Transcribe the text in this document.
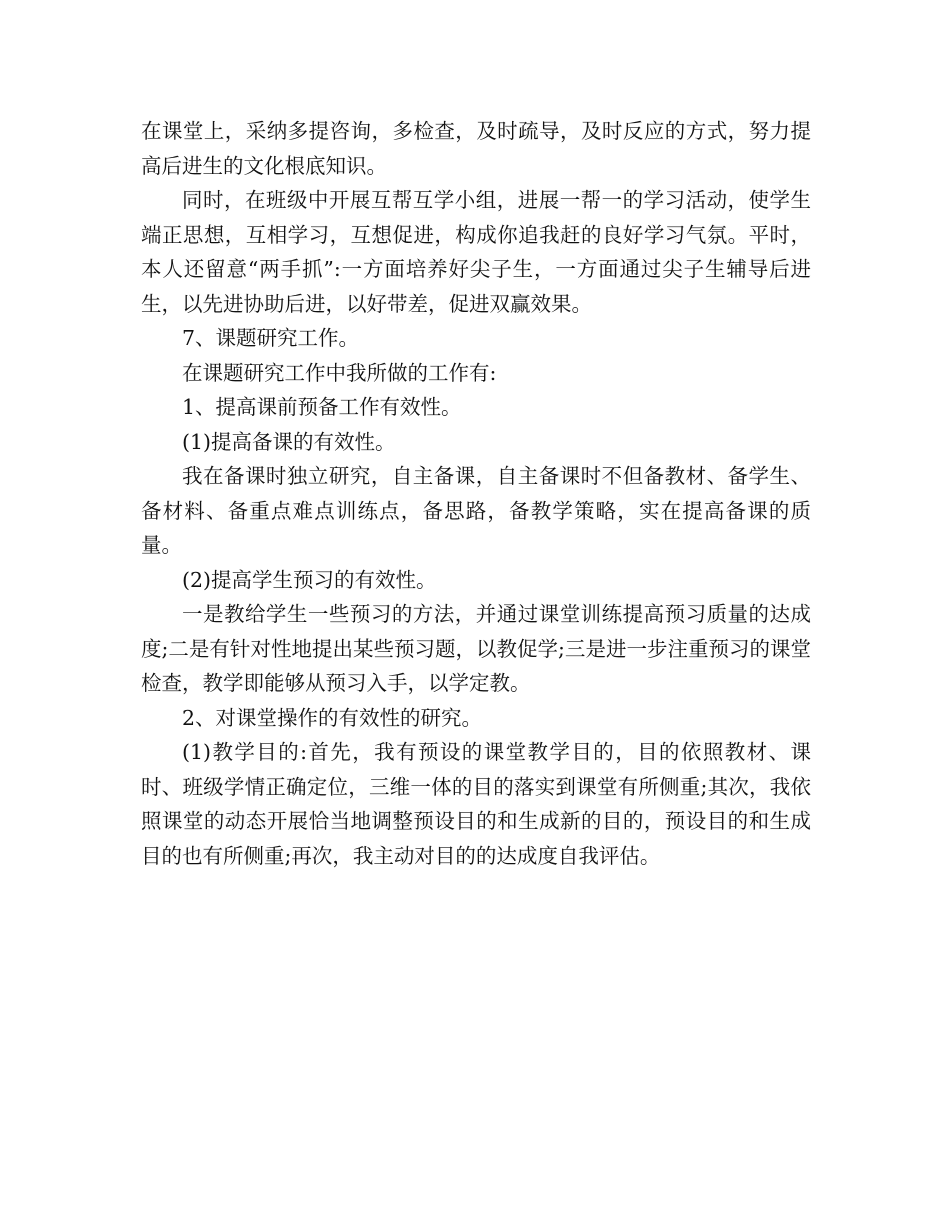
在课堂上，采纳多提咨询，多检查，及时疏导，及时反应的方式，努力提高后进生的文化根底知识。

同时，在班级中开展互帮互学小组，进展一帮一的学习活动，使学生端正思想，互相学习，互想促进，构成你追我赶的良好学习气氛。平时，本人还留意“两手抓”:一方面培养好尖子生，一方面通过尖子生辅导后进生，以先进协助后进，以好带差，促进双赢效果。

7、课题研究工作。

在课题研究工作中我所做的工作有:

1、提高课前预备工作有效性。

(1)提高备课的有效性。

我在备课时独立研究，自主备课，自主备课时不但备教材、备学生、备材料、备重点难点训练点，备思路，备教学策略，实在提高备课的质量。

(2)提高学生预习的有效性。

一是教给学生一些预习的方法，并通过课堂训练提高预习质量的达成度;二是有针对性地提出某些预习题，以教促学;三是进一步注重预习的课堂检查，教学即能够从预习入手，以学定教。

2、对课堂操作的有效性的研究。

(1)教学目的:首先，我有预设的课堂教学目的，目的依照教材、课时、班级学情正确定位，三维一体的目的落实到课堂有所侧重;其次，我依照课堂的动态开展恰当地调整预设目的和生成新的目的，预设目的和生成目的也有所侧重;再次，我主动对目的的达成度自我评估。
